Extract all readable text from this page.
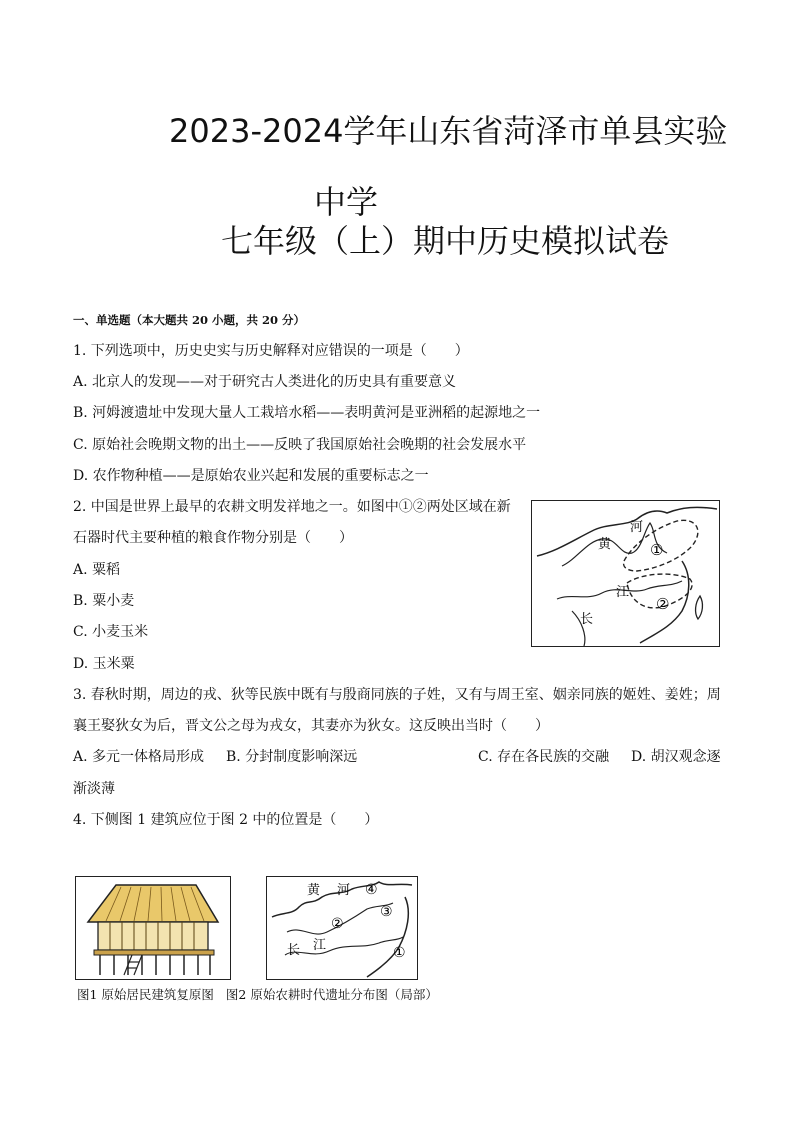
2023-2024学年山东省菏泽市单县实验
中学
七年级（上）期中历史模拟试卷
一、单选题（本大题共 20 小题，共 20 分）
1. 下列选项中，历史史实与历史解释对应错误的一项是（　　）
A. 北京人的发现——对于研究古人类进化的历史具有重要意义
B. 河姆渡遗址中发现大量人工栽培水稻——表明黄河是亚洲稻的起源地之一
C. 原始社会晚期文物的出土——反映了我国原始社会晚期的社会发展水平
D. 农作物种植——是原始农业兴起和发展的重要标志之一
2. 中国是世界上最早的农耕文明发祥地之一。如图中①②两处区域在新
石器时代主要种植的粮食作物分别是（　　）
A. 粟稻
B. 粟小麦
C. 小麦玉米
D. 玉米粟
黄
河
长
江
①
②
3. 春秋时期，周边的戎、狄等民族中既有与殷商同族的子姓，又有与周王室、姻亲同族的姬姓、姜姓；周
襄王娶狄女为后，晋文公之母为戎女，其妻亦为狄女。这反映出当时（　　）
A. 多元一体格局形成 B. 分封制度影响深远	C. 存在各民族的交融 D. 胡汉观念逐
渐淡薄
4. 下侧图 1 建筑应位于图 2 中的位置是（　　）
黄 河 ④
③
②
长 江	①
图1 原始居民建筑复原图 图2 原始农耕时代遗址分布图（局部）
